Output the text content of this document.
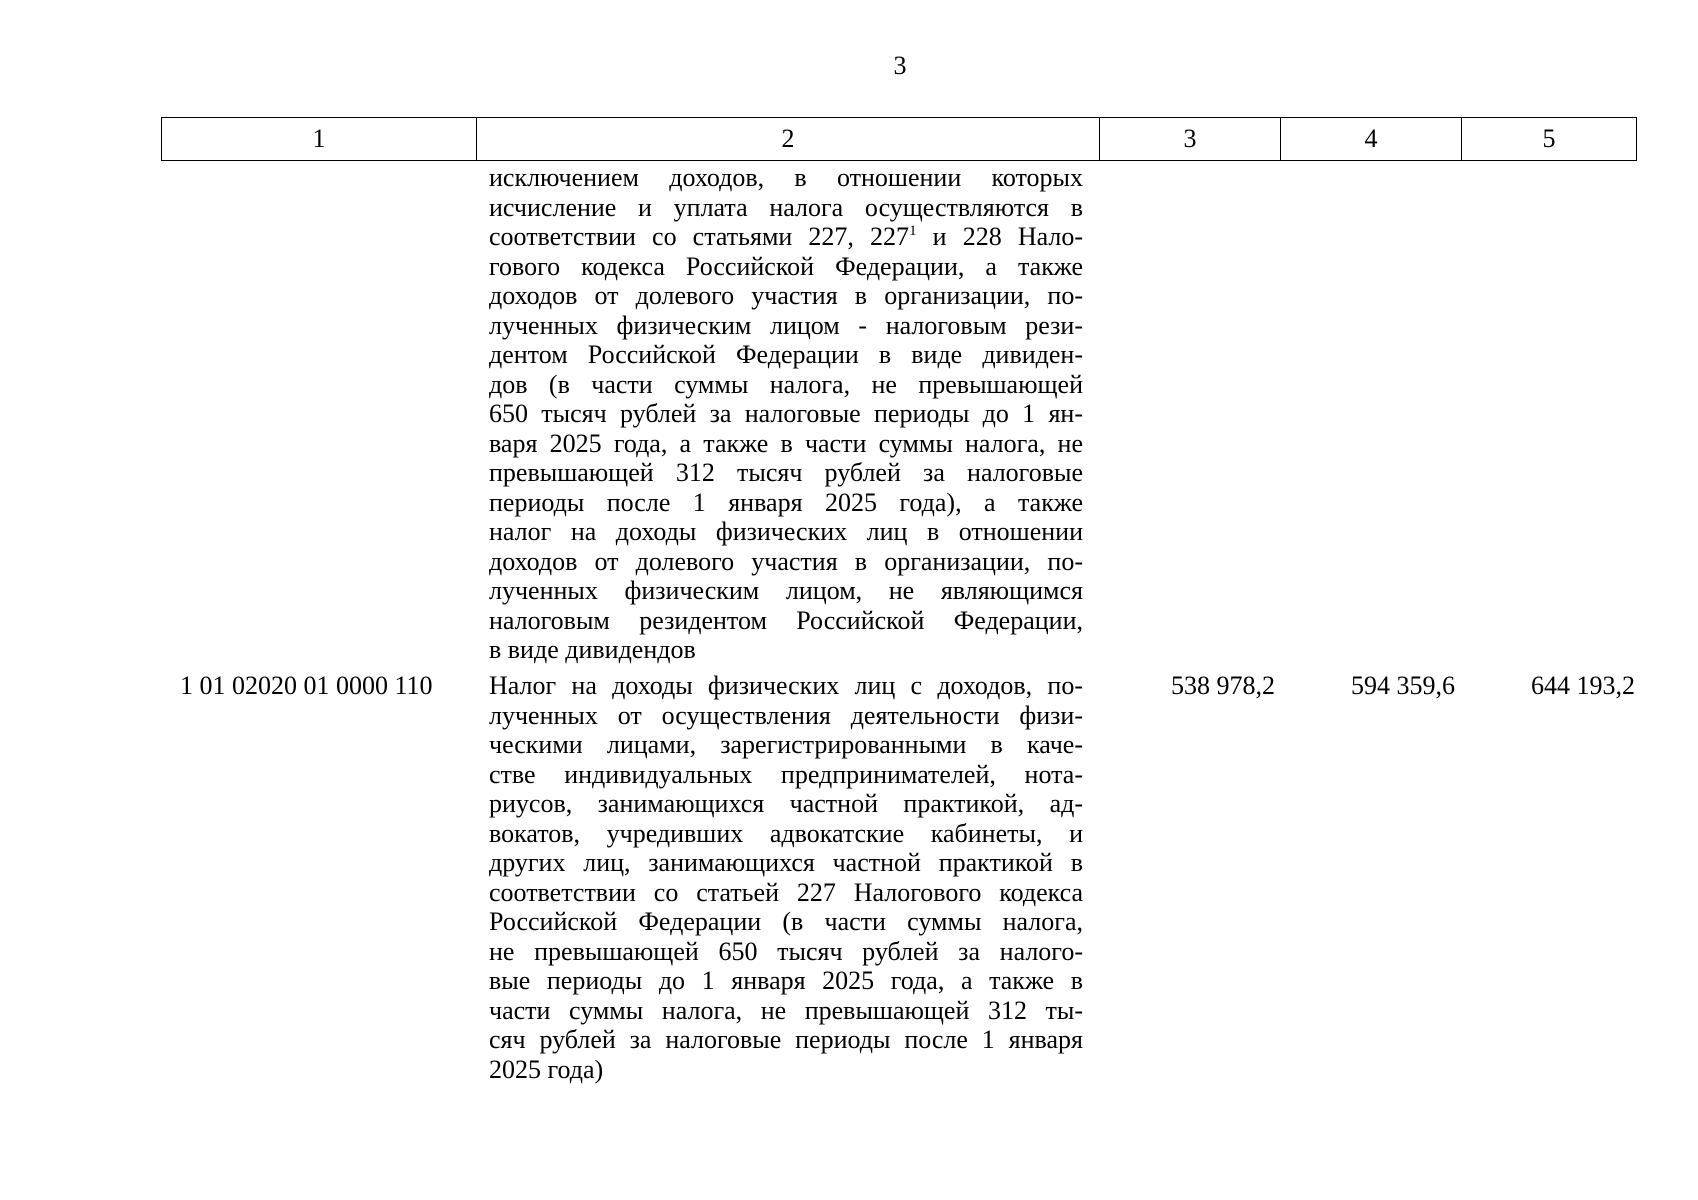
3
1	2	3	4	5
исключением доходов, в отношении которых
исчисление и уплата налога осуществляются в
соответствии со статьями 227, $227^1$ и 228 Нало-
гового кодекса Российской Федерации, а также
доходов от долевого участия в организации, по-
лученных физическим лицом - налоговым рези-
дентом Российской Федерации в виде дивиден-
дов (в части суммы налога, не превышающей
650 тысяч рублей за налоговые периоды до 1 ян-
варя 2025 года, а также в части суммы налога, не
превышающей 312 тысяч рублей за налоговые
периоды после 1 января 2025 года), а также
налог на доходы физических лиц в отношении
доходов от долевого участия в организации, по-
лученных физическим лицом, не являющимся
налоговым резидентом Российской Федерации,
в виде дивидендов
1 01 02020 01 0000 110 Налог на доходы физических лиц с доходов, по-
лученных от осуществления деятельности физи-
ческими лицами, зарегистрированными в каче-
стве индивидуальных предпринимателей, нота-
риусов, занимающихся частной практикой, ад-
вокатов, учредивших адвокатские кабинеты, и
других лиц, занимающихся частной практикой в
соответствии со статьей 227 Налогового кодекса
Российской Федерации (в части суммы налога,
не превышающей 650 тысяч рублей за налого-
вые периоды до 1 января 2025 года, а также в
части суммы налога, не превышающей 312 ты-
сяч рублей за налоговые периоды после 1 января
2025 года)
538 978,2	594 359,6	644 193,2
